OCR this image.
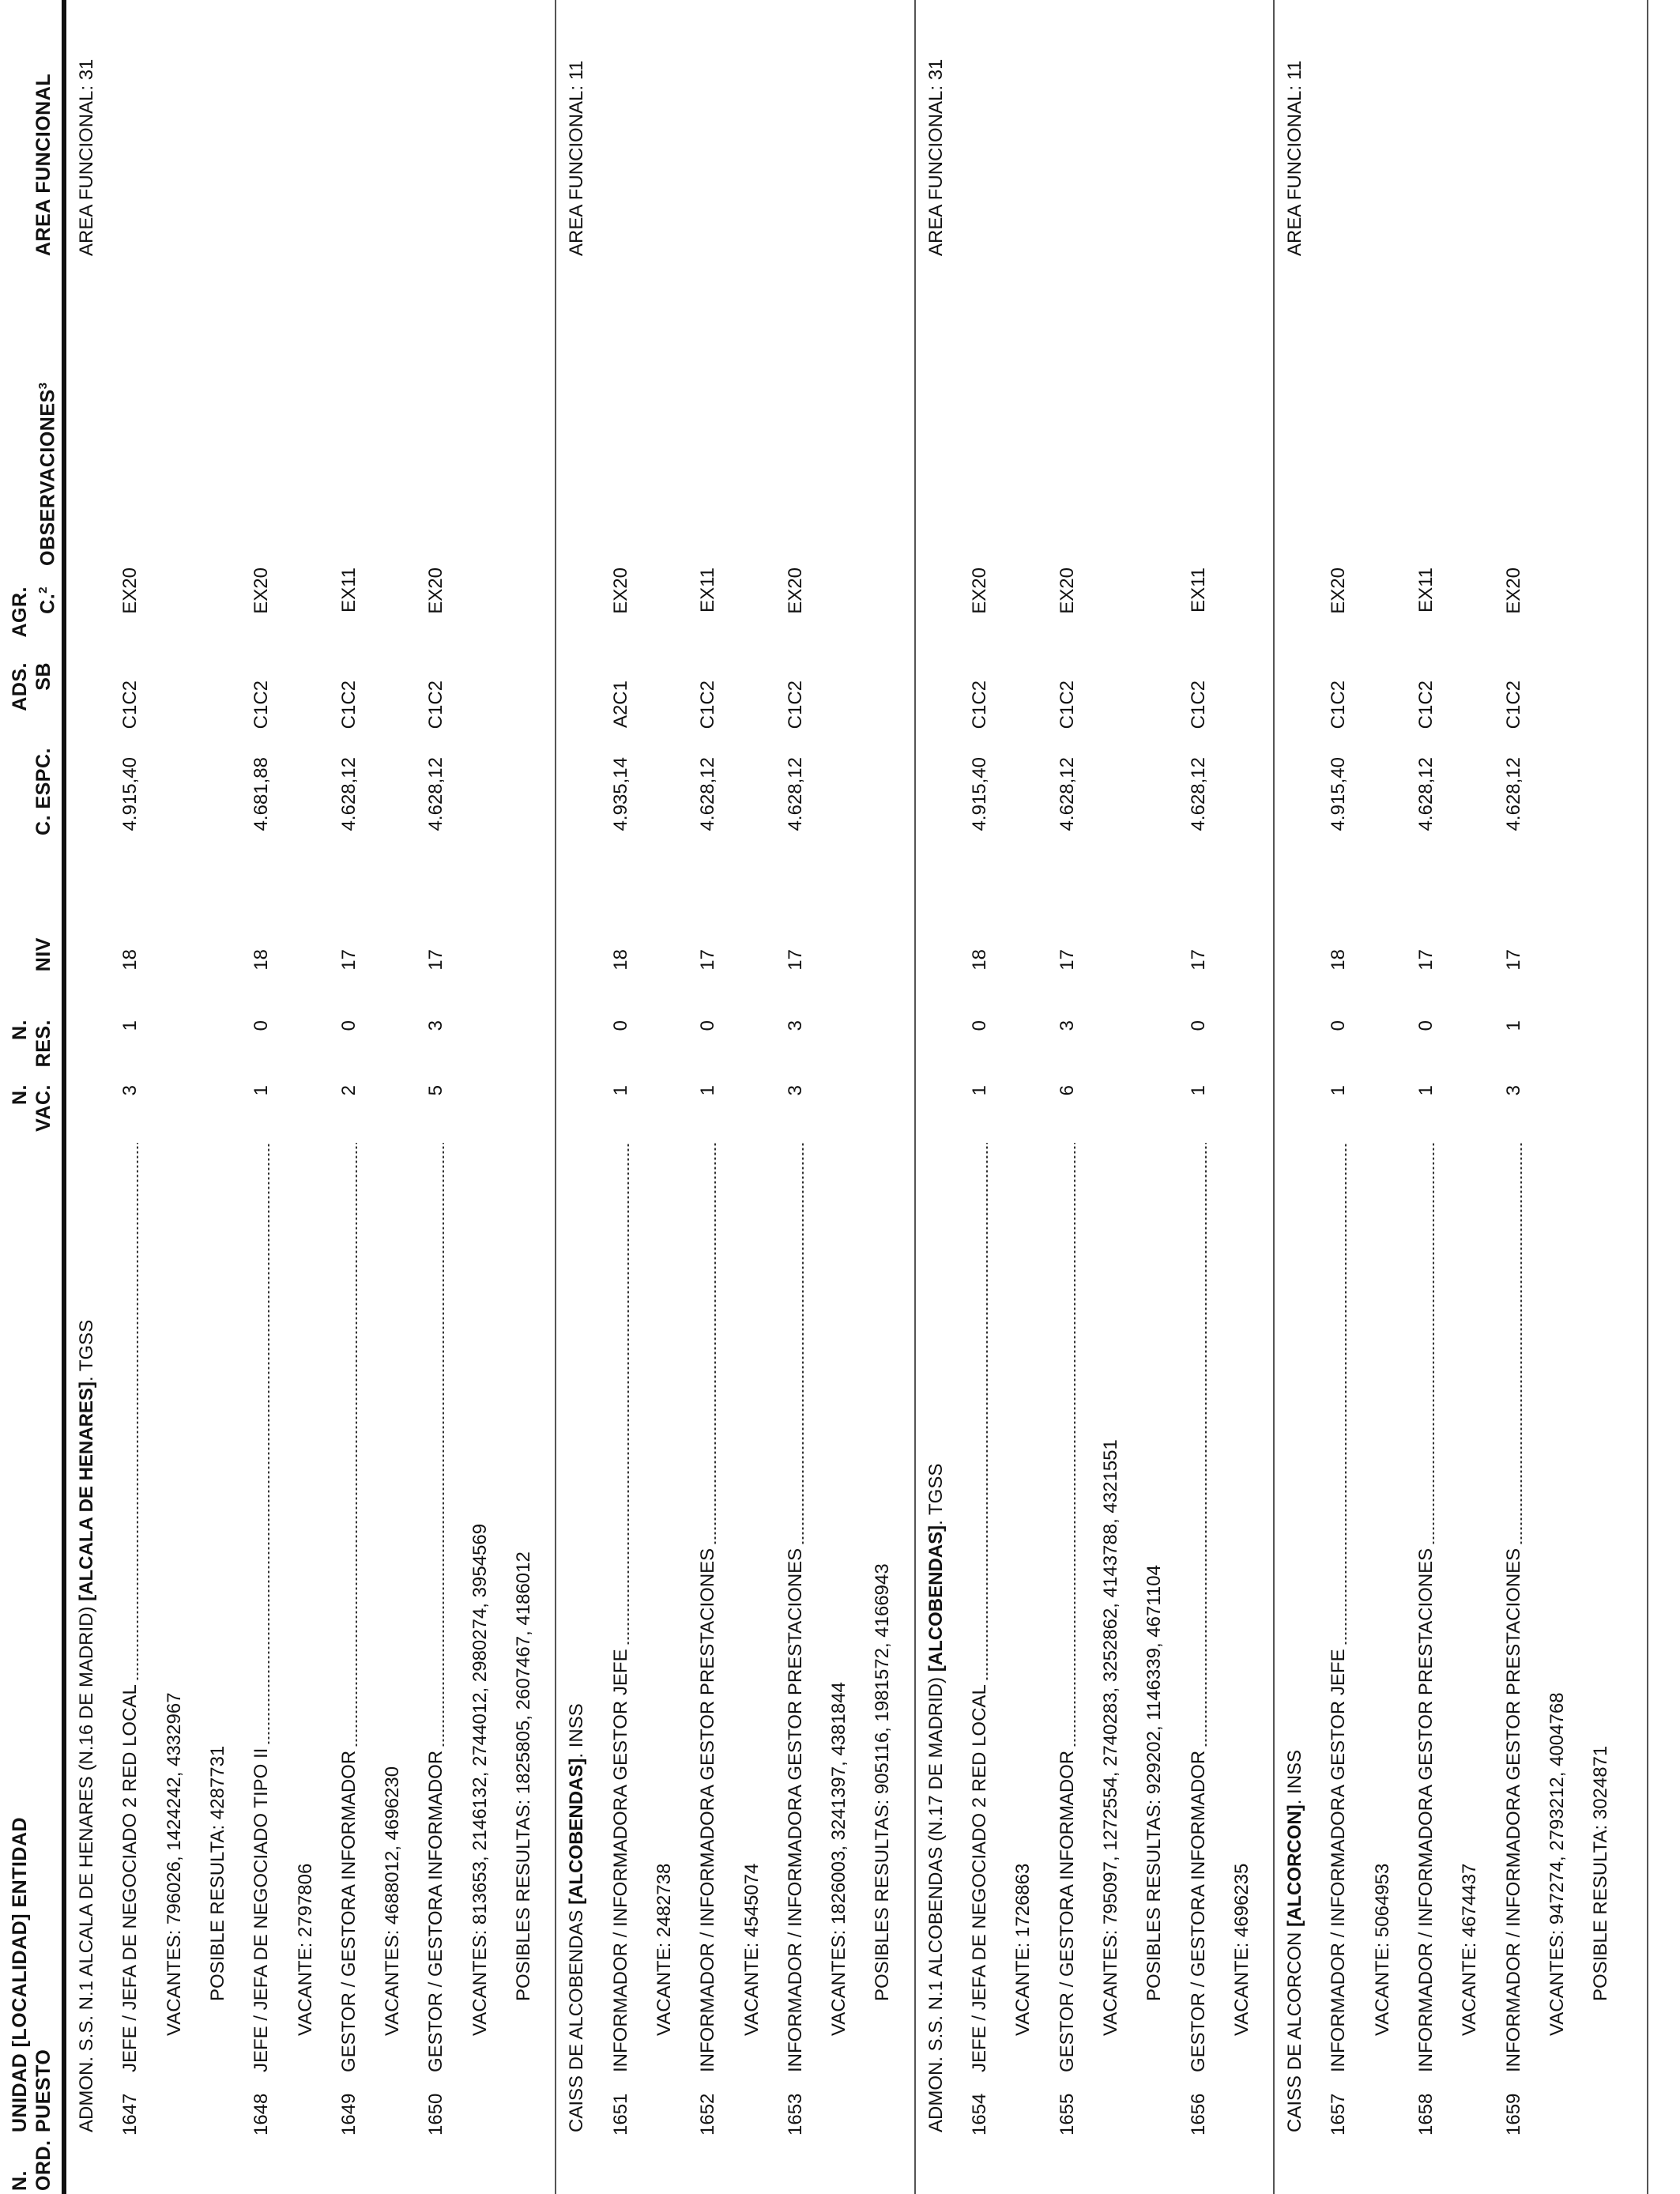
N. ORD.
UNIDAD [LOCALIDAD] ENTIDAD PUESTO
N. VAC.
N. RES.
NIV
C. ESPC.
ADS. SB
AGR. C.$^2$
OBSERVACIONES$^3$
AREA FUNCIONAL
ADMON. S.S. N.1 ALCALA DE HENARES (N.16 DE MADRID) [ALCALA DE HENARES]. TGSS
AREA FUNCIONAL: 31
1647
JEFE / JEFA DE NEGOCIADO 2 RED LOCAL
3
1
18
4.915,40
C1C2
EX20
VACANTES: 796026, 1424242, 4332967 POSIBLE RESULTA: 4287731
1648
JEFE / JEFA DE NEGOCIADO TIPO II
1
0
18
4.681,88
C1C2
EX20
VACANTE: 2797806
1649
GESTOR / GESTORA INFORMADOR
2
0
17
4.628,12
C1C2
EX11
VACANTES: 4688012, 4696230
1650
GESTOR / GESTORA INFORMADOR
5
3
17
4.628,12
C1C2
EX20
VACANTES: 813653, 2146132, 2744012, 2980274, 3954569 POSIBLES RESULTAS: 1825805, 2607467, 4186012
CAISS DE ALCOBENDAS [ALCOBENDAS]. INSS
AREA FUNCIONAL: 11
1651
INFORMADOR / INFORMADORA GESTOR JEFE
1
0
18
4.935,14
A2C1
EX20
VACANTE: 2482738
1652
INFORMADOR / INFORMADORA GESTOR PRESTACIONES
1
0
17
4.628,12
C1C2
EX11
VACANTE: 4545074
1653
INFORMADOR / INFORMADORA GESTOR PRESTACIONES
3
3
17
4.628,12
C1C2
EX20
VACANTES: 1826003, 3241397, 4381844 POSIBLES RESULTAS: 905116, 1981572, 4166943 ADMON. S.S. N.1 ALCOBENDAS (N.17 DE MADRID) [ALCOBENDAS]. TGSS
AREA FUNCIONAL: 31
1654
JEFE / JEFA DE NEGOCIADO 2 RED LOCAL
1
0
18
4.915,40
C1C2
EX20
VACANTE: 1726863
1655
GESTOR / GESTORA INFORMADOR
6
3
17
4.628,12
C1C2
EX20
VACANTES: 795097, 1272554, 2740283, 3252862, 4143788, 4321551 POSIBLES RESULTAS: 929202, 1146339, 4671104
1656
GESTOR / GESTORA INFORMADOR
1
0
17
4.628,12
C1C2
EX11
VACANTE: 4696235 CAISS DE ALCORCON [ALCORCON]. INSS
AREA FUNCIONAL: 11
1657
INFORMADOR / INFORMADORA GESTOR JEFE
1
0
18
4.915,40
C1C2
EX20
VACANTE: 5064953
1658
INFORMADOR / INFORMADORA GESTOR PRESTACIONES
1
0
17
4.628,12
C1C2
EX11
VACANTE: 4674437
1659
INFORMADOR / INFORMADORA GESTOR PRESTACIONES
3
1
17
4.628,12
C1C2
EX20
VACANTES: 947274, 2793212, 4004768 POSIBLE RESULTA: 3024871
